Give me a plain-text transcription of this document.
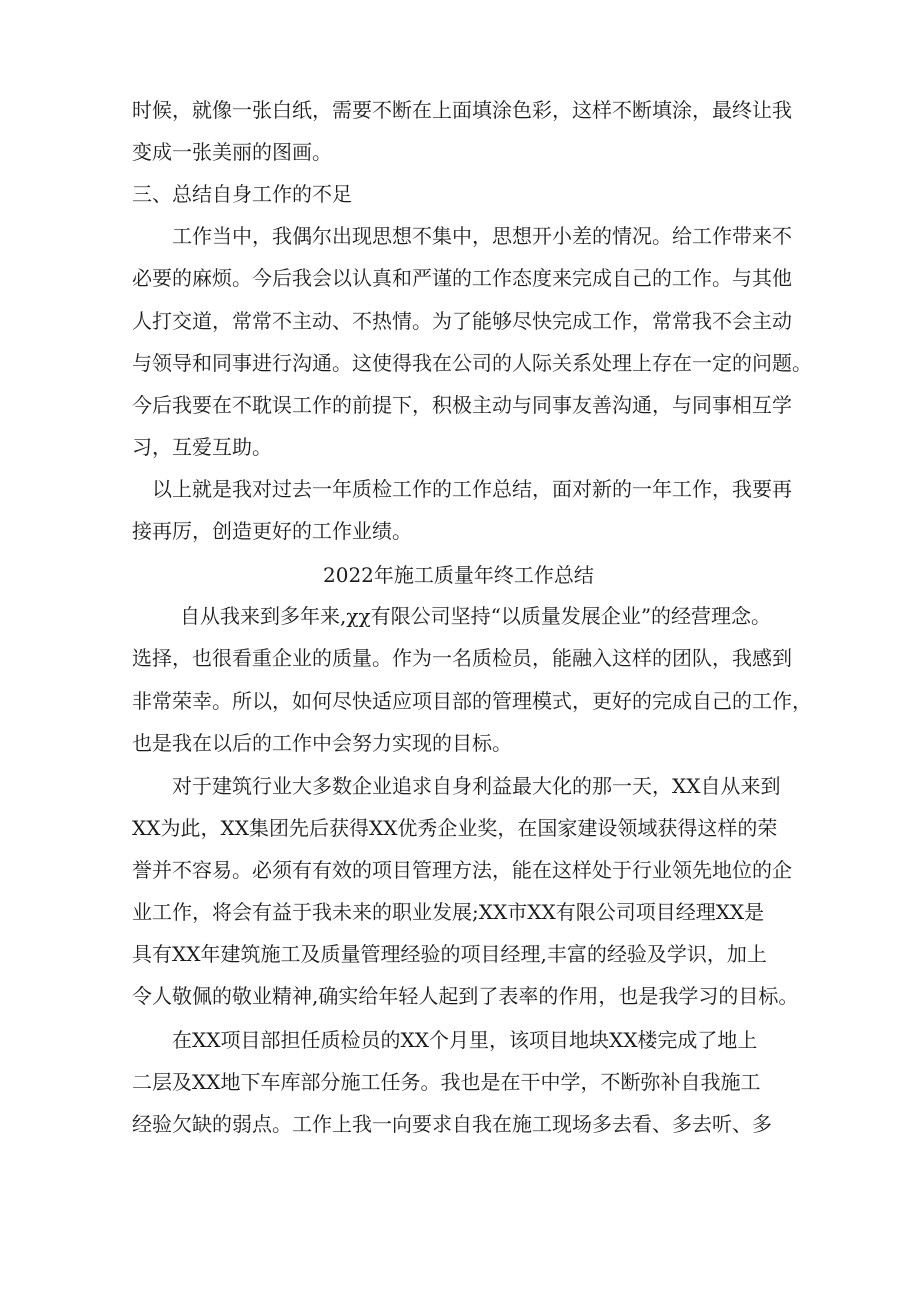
时候，就像一张白纸，需要不断在上面填涂色彩，这样不断填涂，最终让我
变成一张美丽的图画。
三、总结自身工作的不足
工作当中，我偶尔出现思想不集中，思想开小差的情况。给工作带来不
必要的麻烦。今后我会以认真和严谨的工作态度来完成自己的工作。与其他
人打交道，常常不主动、不热情。为了能够尽快完成工作，常常我不会主动
与领导和同事进行沟通。这使得我在公司的人际关系处理上存在一定的问题。
今后我要在不耽误工作的前提下，积极主动与同事友善沟通，与同事相互学
习，互爱互助。
以上就是我对过去一年质检工作的工作总结，面对新的一年工作，我要再
接再厉，创造更好的工作业绩。
2022年施工质量年终工作总结
自从我来到多年来,χχ有限公司坚持“以质量发展企业”的经营理念。
选择，也很看重企业的质量。作为一名质检员，能融入这样的团队，我感到
非常荣幸。所以，如何尽快适应项目部的管理模式，更好的完成自己的工作，
也是我在以后的工作中会努力实现的目标。
对于建筑行业大多数企业追求自身利益最大化的那一天，XX自从来到
XX为此，XX集团先后获得XX优秀企业奖，在国家建设领域获得这样的荣
誉并不容易。必须有有效的项目管理方法，能在这样处于行业领先地位的企
业工作，将会有益于我未来的职业发展;XX市XX有限公司项目经理XX是
具有XX年建筑施工及质量管理经验的项目经理,丰富的经验及学识，加上
令人敬佩的敬业精神,确实给年轻人起到了表率的作用，也是我学习的目标。
在XX项目部担任质检员的XX个月里，该项目地块XX楼完成了地上
二层及XX地下车库部分施工任务。我也是在干中学，不断弥补自我施工
经验欠缺的弱点。工作上我一向要求自我在施工现场多去看、多去听、多
